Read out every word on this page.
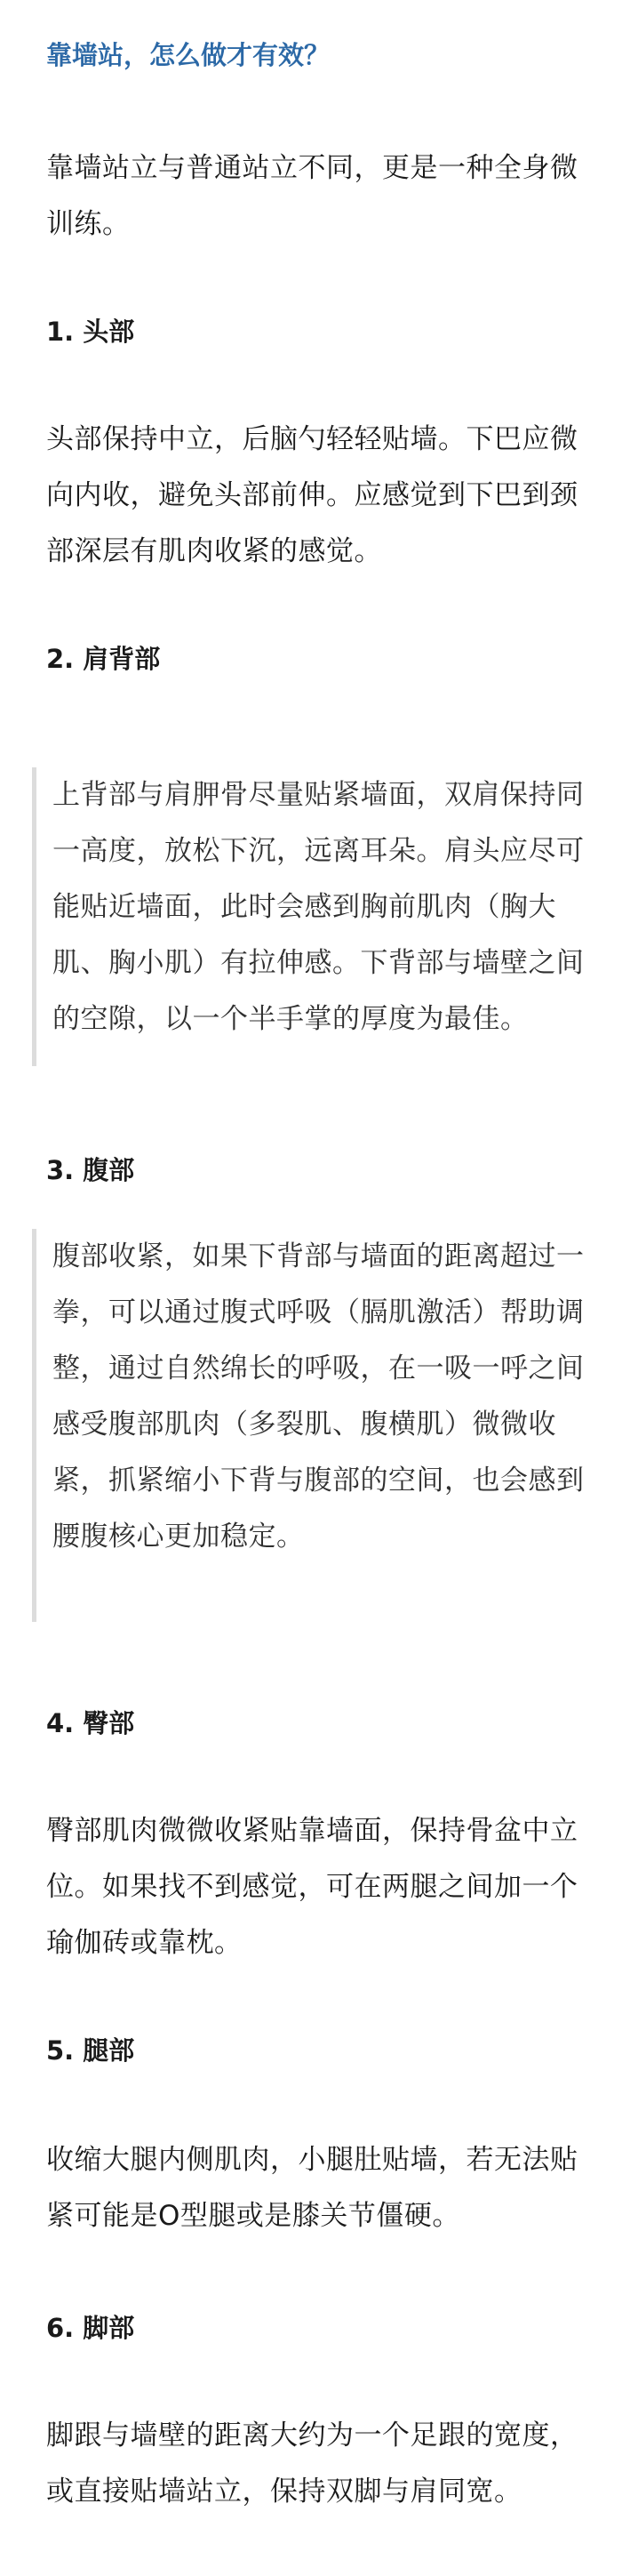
靠墙站，怎么做才有效？

靠墙站立与普通站立不同，更是一种全身微训练。

1. 头部

头部保持中立，后脑勺轻轻贴墙。下巴应微向内收，避免头部前伸。应感觉到下巴到颈部深层有肌肉收紧的感觉。

2. 肩背部

上背部与肩胛骨尽量贴紧墙面，双肩保持同一高度，放松下沉，远离耳朵。肩头应尽可能贴近墙面，此时会感到胸前肌肉（胸大肌、胸小肌）有拉伸感。下背部与墙壁之间的空隙，以一个半手掌的厚度为最佳。

3. 腹部

腹部收紧，如果下背部与墙面的距离超过一拳，可以通过腹式呼吸（膈肌激活）帮助调整，通过自然绵长的呼吸，在一吸一呼之间感受腹部肌肉（多裂肌、腹横肌）微微收紧，抓紧缩小下背与腹部的空间，也会感到腰腹核心更加稳定。

4. 臀部

臀部肌肉微微收紧贴靠墙面，保持骨盆中立位。如果找不到感觉，可在两腿之间加一个瑜伽砖或靠枕。

5. 腿部

收缩大腿内侧肌肉，小腿肚贴墙，若无法贴紧可能是O型腿或是膝关节僵硬。

6. 脚部

脚跟与墙壁的距离大约为一个足跟的宽度，或直接贴墙站立，保持双脚与肩同宽。
